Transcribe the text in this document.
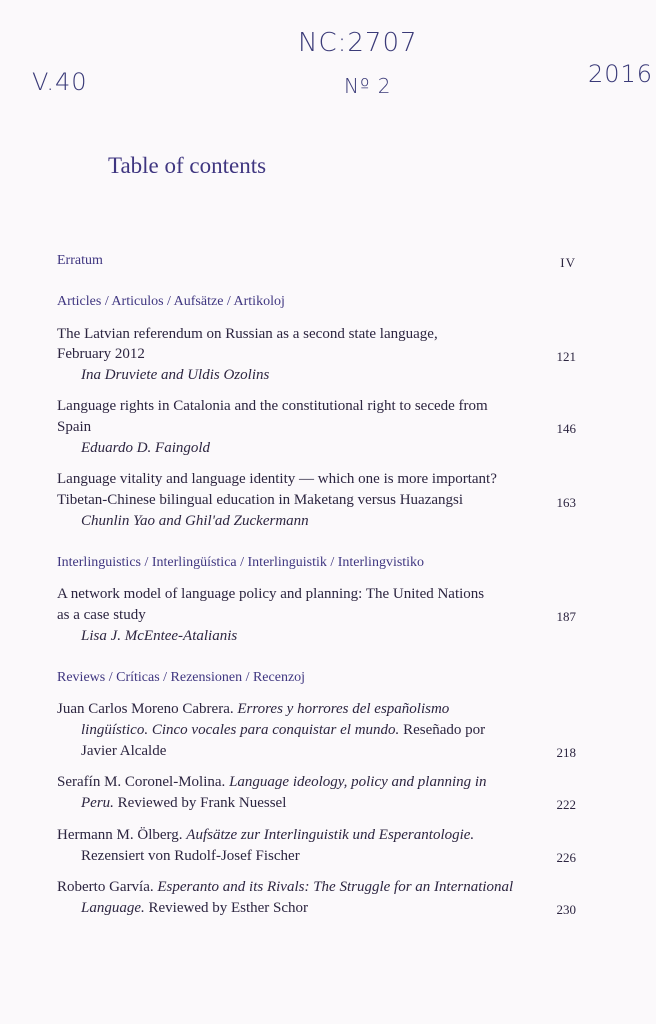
NC:2707
V.40	Nº 2	2016
Table of contents
Erratum	IV
Articles / Articulos / Aufsätze / Artikoloj
The Latvian referendum on Russian as a second state language,
February 2012	121
Ina Druviete and Uldis Ozolins
Language rights in Catalonia and the constitutional right to secede from
Spain	146
Eduardo D. Faingold
Language vitality and language identity — which one is more important?
Tibetan-Chinese bilingual education in Maketang versus Huazangsi	163
Chunlin Yao and Ghil'ad Zuckermann
Interlinguistics / Interlingüística / Interlinguistik / Interlingvistiko
A network model of language policy and planning: The United Nations
as a case study	187
Lisa J. McEntee-Atalianis
Reviews / Críticas / Rezensionen / Recenzoj
Juan Carlos Moreno Cabrera. Errores y horrores del españolismo
lingüístico. Cinco vocales para conquistar el mundo. Reseñado por
Javier Alcalde	218
Serafín M. Coronel-Molina. Language ideology, policy and planning in
Peru. Reviewed by Frank Nuessel	222
Hermann M. Ölberg. Aufsätze zur Interlinguistik und Esperantologie.
Rezensiert von Rudolf-Josef Fischer	226
Roberto Garvía. Esperanto and its Rivals: The Struggle for an International
Language. Reviewed by Esther Schor	230
